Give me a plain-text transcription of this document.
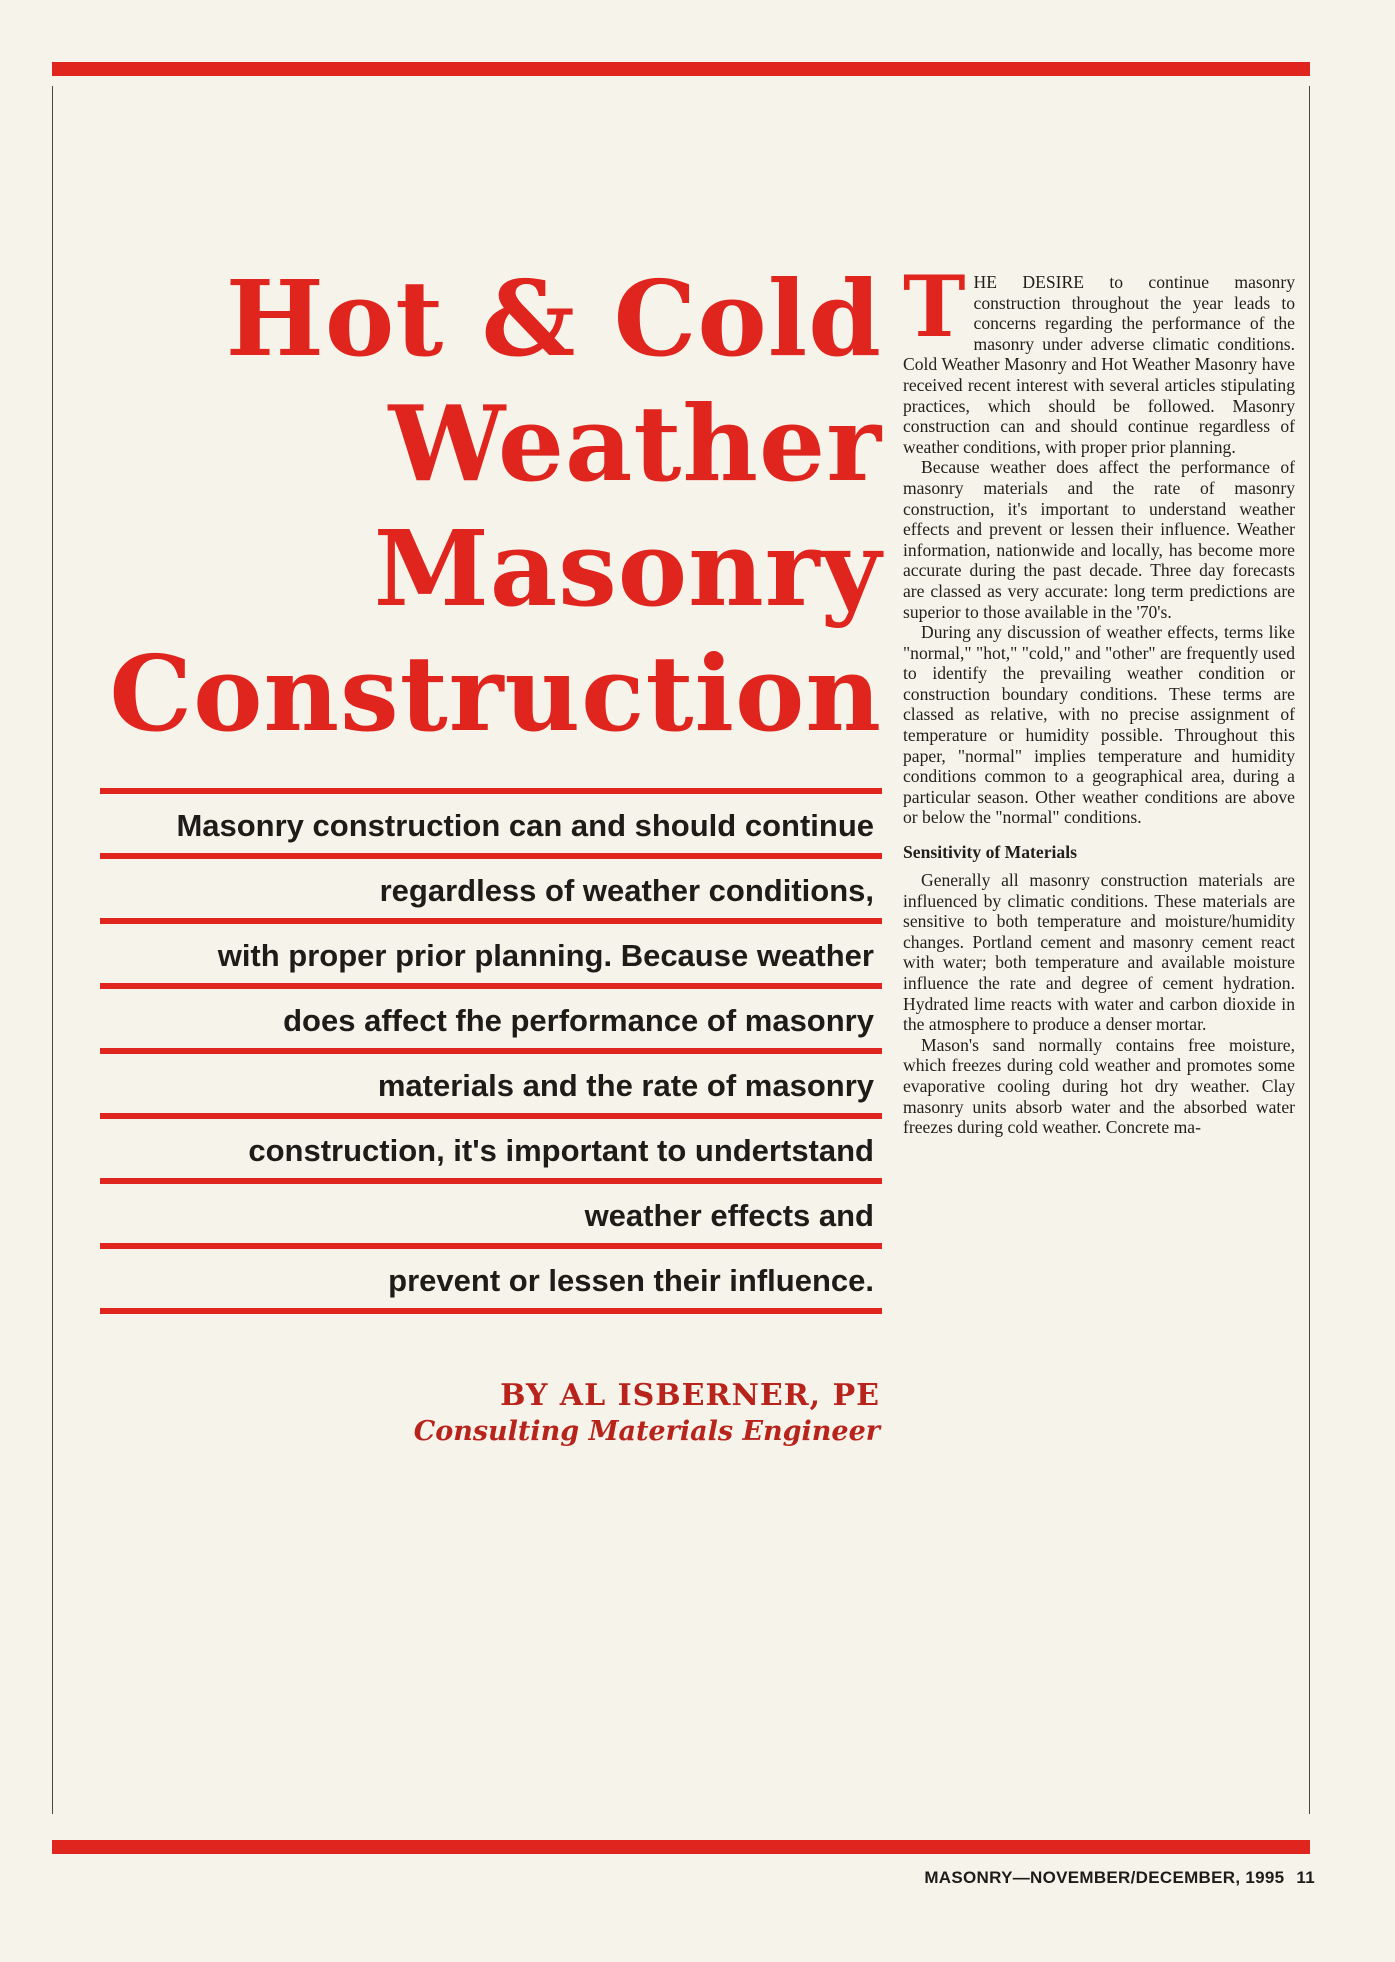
Hot & Cold
Weather
Masonry
Construction
Masonry construction can and should continue
regardless of weather conditions,
with proper prior planning. Because weather
does affect fhe performance of masonry
materials and the rate of masonry
construction, it's important to undertstand
weather effects and
prevent or lessen their influence.
BY AL ISBERNER, PE
Consulting Materials Engineer

THE DESIRE to continue masonry construction throughout the year leads to concerns regarding the performance of the masonry under adverse climatic conditions. Cold Weather Masonry and Hot Weather Masonry have received recent interest with several articles stipulating practices, which should be followed. Masonry construction can and should continue regardless of weather conditions, with proper prior planning.

Because weather does affect the performance of masonry materials and the rate of masonry construction, it's important to understand weather effects and prevent or lessen their influence. Weather information, nationwide and locally, has become more accurate during the past decade. Three day forecasts are classed as very accurate: long term predictions are superior to those available in the '70's.

During any discussion of weather effects, terms like "normal," "hot," "cold," and "other" are frequently used to identify the prevailing weather condition or construction boundary conditions. These terms are classed as relative, with no precise assignment of temperature or humidity possible. Throughout this paper, "normal" implies temperature and humidity conditions common to a geographical area, during a particular season. Other weather conditions are above or below the "normal" conditions.

Sensitivity of Materials

Generally all masonry construction materials are influenced by climatic conditions. These materials are sensitive to both temperature and moisture/humidity changes. Portland cement and masonry cement react with water; both temperature and available moisture influence the rate and degree of cement hydration. Hydrated lime reacts with water and carbon dioxide in the atmosphere to produce a denser mortar.

Mason's sand normally contains free moisture, which freezes during cold weather and promotes some evaporative cooling during hot dry weather. Clay masonry units absorb water and the absorbed water freezes during cold weather. Concrete ma-

MASONRY—NOVEMBER/DECEMBER, 1995 11
